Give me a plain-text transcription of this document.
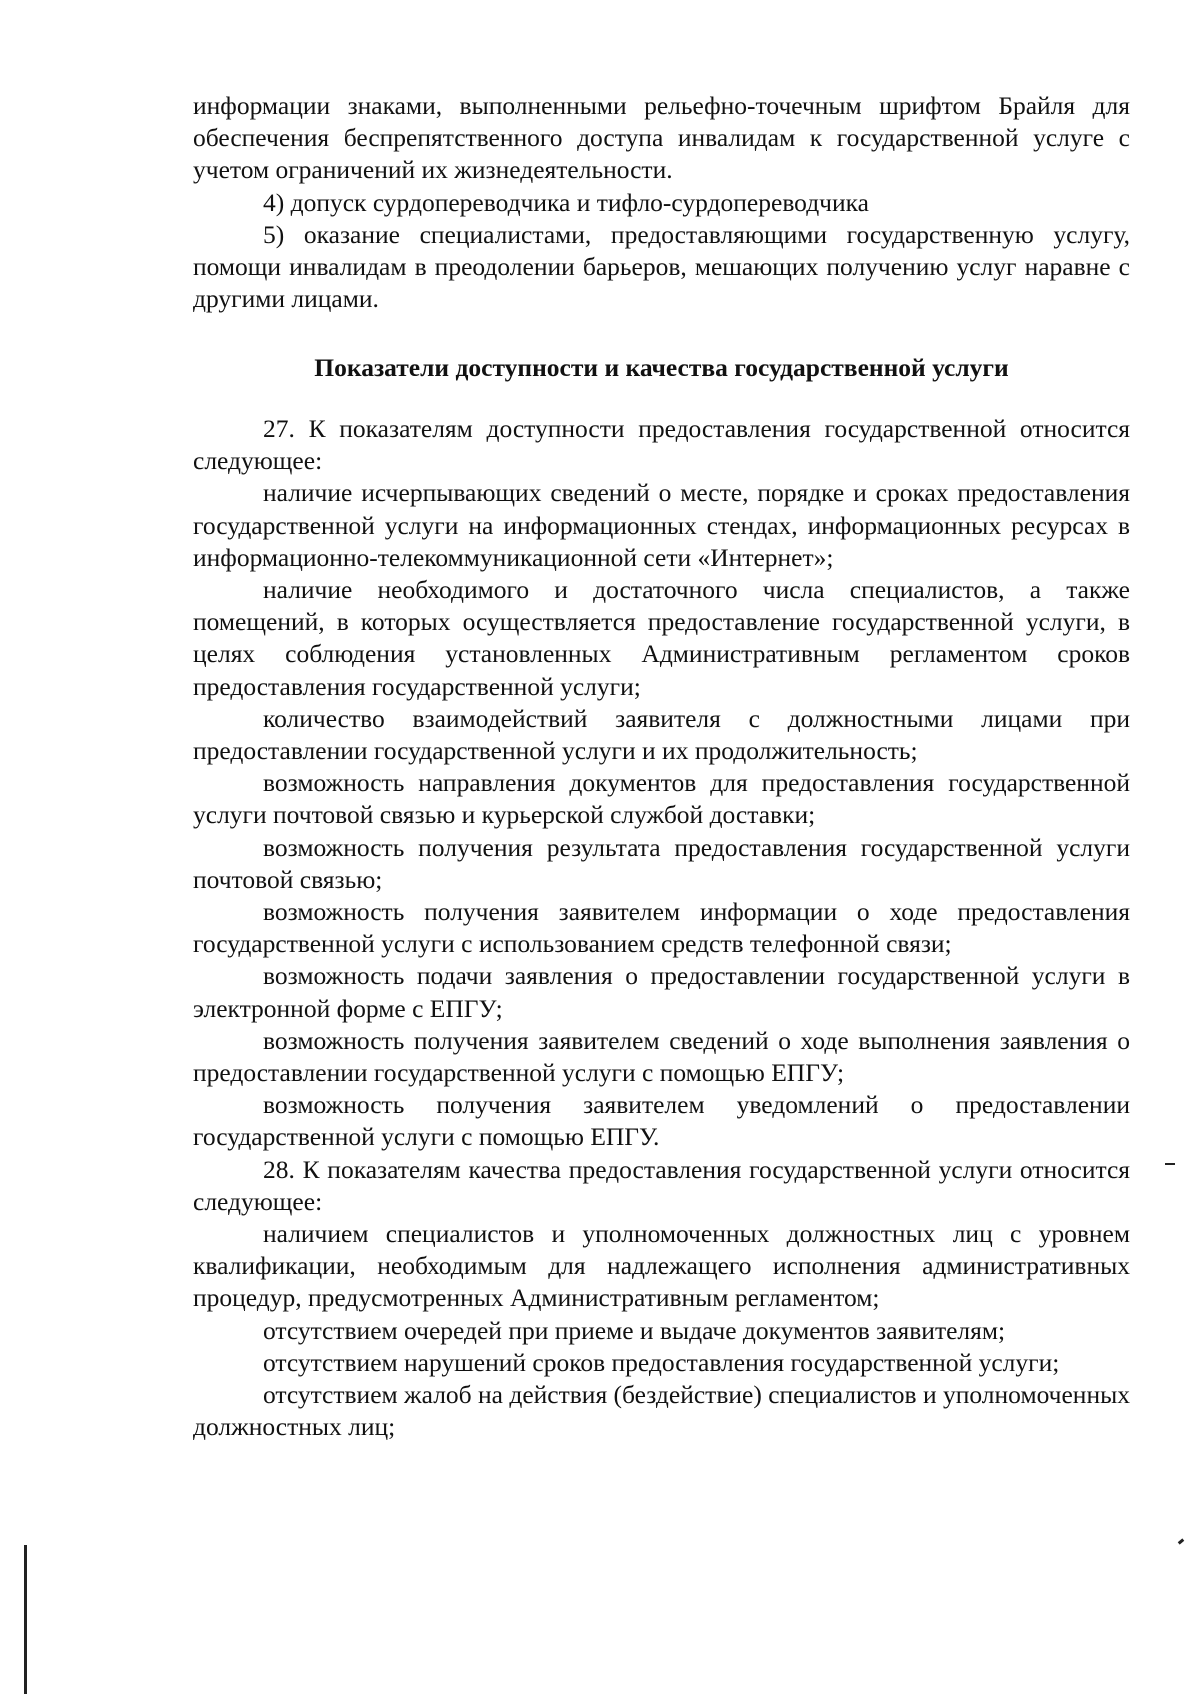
информации знаками, выполненными рельефно-точечным шрифтом Брайля для обеспечения беспрепятственного доступа инвалидам к государственной услуге с учетом ограничений их жизнедеятельности.

4) допуск сурдопереводчика и тифло-сурдопереводчика

5) оказание специалистами, предоставляющими государственную услугу, помощи инвалидам в преодолении барьеров, мешающих получению услуг наравне с другими лицами.

Показатели доступности и качества государственной услуги

27. К показателям доступности предоставления государственной относится следующее:

наличие исчерпывающих сведений о месте, порядке и сроках предоставления государственной услуги на информационных стендах, информационных ресурсах в информационно-телекоммуникационной сети «Интернет»;

наличие необходимого и достаточного числа специалистов, а также помещений, в которых осуществляется предоставление государственной услуги, в целях соблюдения установленных Административным регламентом сроков предоставления государственной услуги;

количество взаимодействий заявителя с должностными лицами при предоставлении государственной услуги и их продолжительность;

возможность направления документов для предоставления государственной услуги почтовой связью и курьерской службой доставки;

возможность получения результата предоставления государственной услуги почтовой связью;

возможность получения заявителем информации о ходе предоставления государственной услуги с использованием средств телефонной связи;

возможность подачи заявления о предоставлении государственной услуги в электронной форме с ЕПГУ;

возможность получения заявителем сведений о ходе выполнения заявления о предоставлении государственной услуги с помощью ЕПГУ;

возможность получения заявителем уведомлений о предоставлении государственной услуги с помощью ЕПГУ.

28. К показателям качества предоставления государственной услуги относится следующее:

наличием специалистов и уполномоченных должностных лиц с уровнем квалификации, необходимым для надлежащего исполнения административных процедур, предусмотренных Административным регламентом;

отсутствием очередей при приеме и выдаче документов заявителям;

отсутствием нарушений сроков предоставления государственной услуги;

отсутствием жалоб на действия (бездействие) специалистов и уполномоченных должностных лиц;
